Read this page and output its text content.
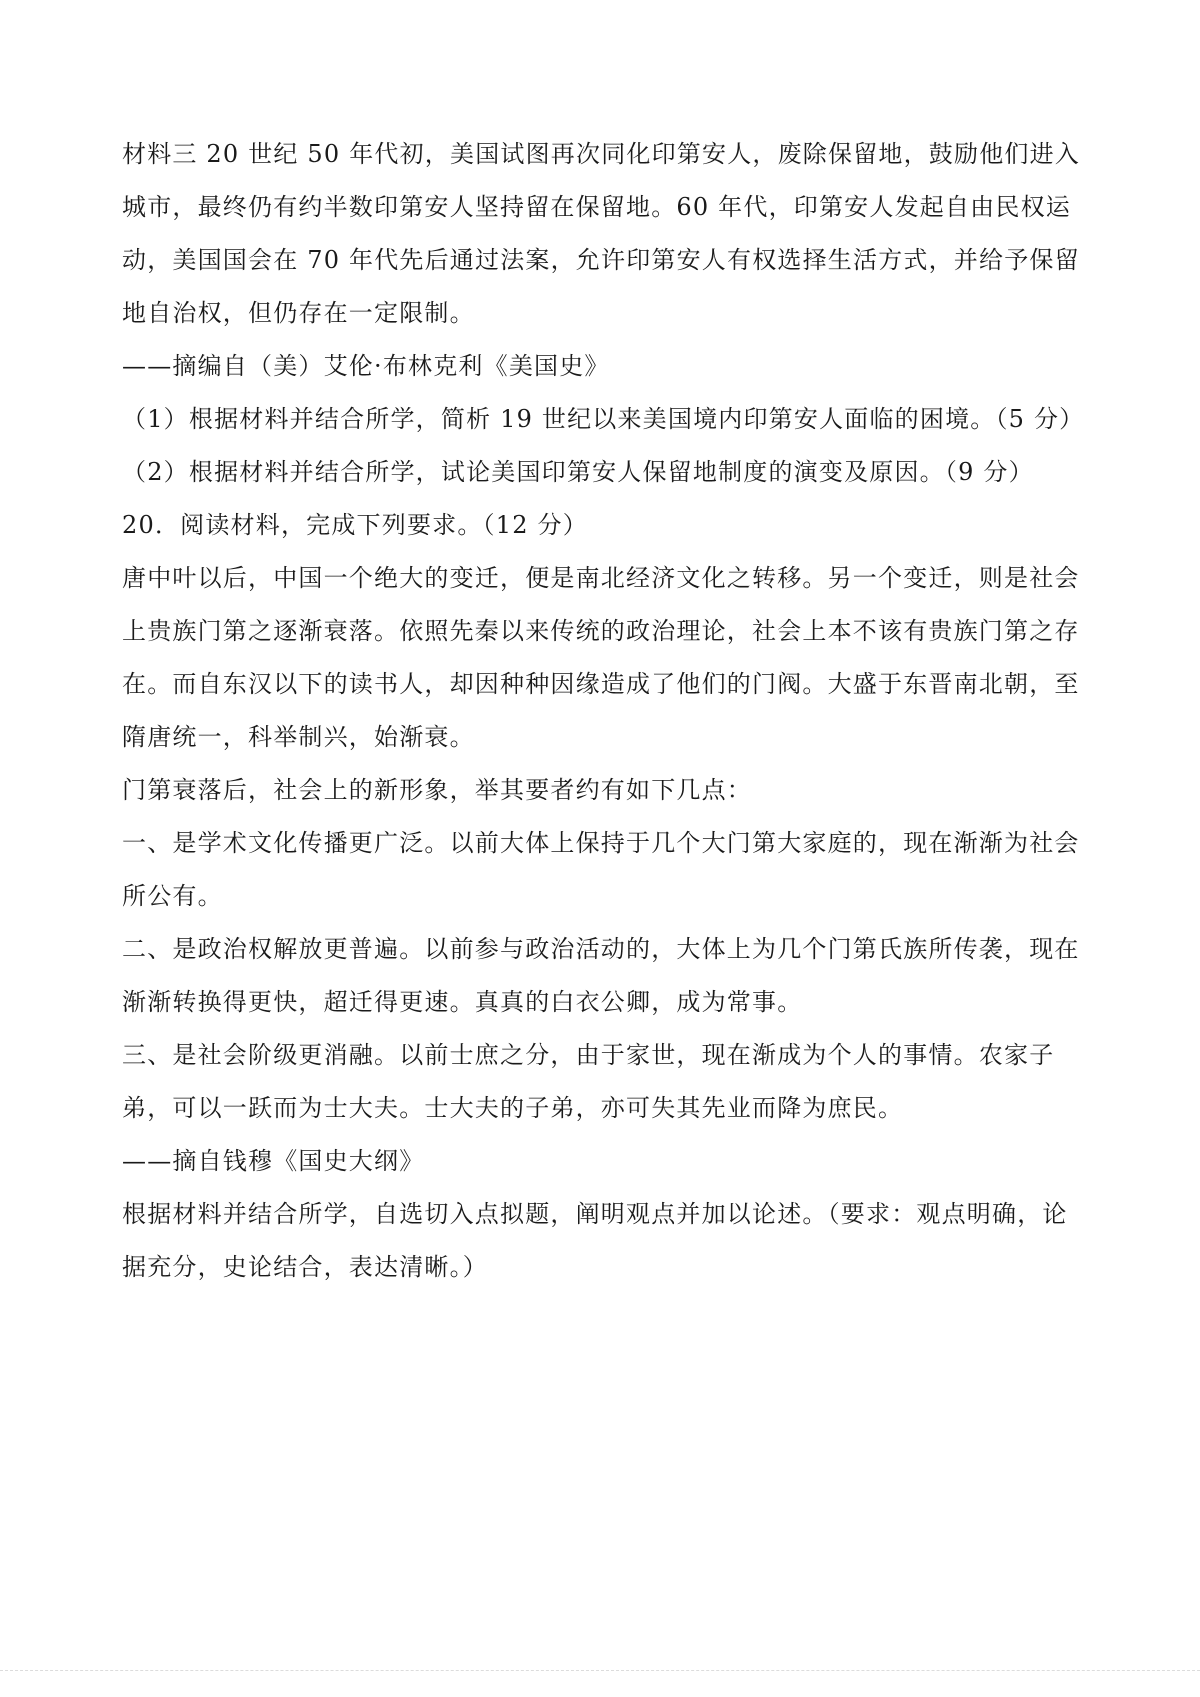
材料三 20 世纪 50 年代初，美国试图再次同化印第安人，废除保留地，鼓励他们进入城市，最终仍有约半数印第安人坚持留在保留地。60 年代，印第安人发起自由民权运动，美国国会在 70 年代先后通过法案，允许印第安人有权选择生活方式，并给予保留地自治权，但仍存在一定限制。

——摘编自（美）艾伦·布林克利《美国史》

（1）根据材料并结合所学，简析 19 世纪以来美国境内印第安人面临的困境。（5 分）

（2）根据材料并结合所学，试论美国印第安人保留地制度的演变及原因。（9 分）

20．阅读材料，完成下列要求。（12 分）

唐中叶以后，中国一个绝大的变迁，便是南北经济文化之转移。另一个变迁，则是社会上贵族门第之逐渐衰落。依照先秦以来传统的政治理论，社会上本不该有贵族门第之存在。而自东汉以下的读书人，却因种种因缘造成了他们的门阀。大盛于东晋南北朝，至隋唐统一，科举制兴，始渐衰。

门第衰落后，社会上的新形象，举其要者约有如下几点：

一、是学术文化传播更广泛。以前大体上保持于几个大门第大家庭的，现在渐渐为社会所公有。

二、是政治权解放更普遍。以前参与政治活动的，大体上为几个门第氏族所传袭，现在渐渐转换得更快，超迁得更速。真真的白衣公卿，成为常事。

三、是社会阶级更消融。以前士庶之分，由于家世，现在渐成为个人的事情。农家子弟，可以一跃而为士大夫。士大夫的子弟，亦可失其先业而降为庶民。

——摘自钱穆《国史大纲》

根据材料并结合所学，自选切入点拟题，阐明观点并加以论述。（要求：观点明确，论据充分，史论结合，表达清晰。）
